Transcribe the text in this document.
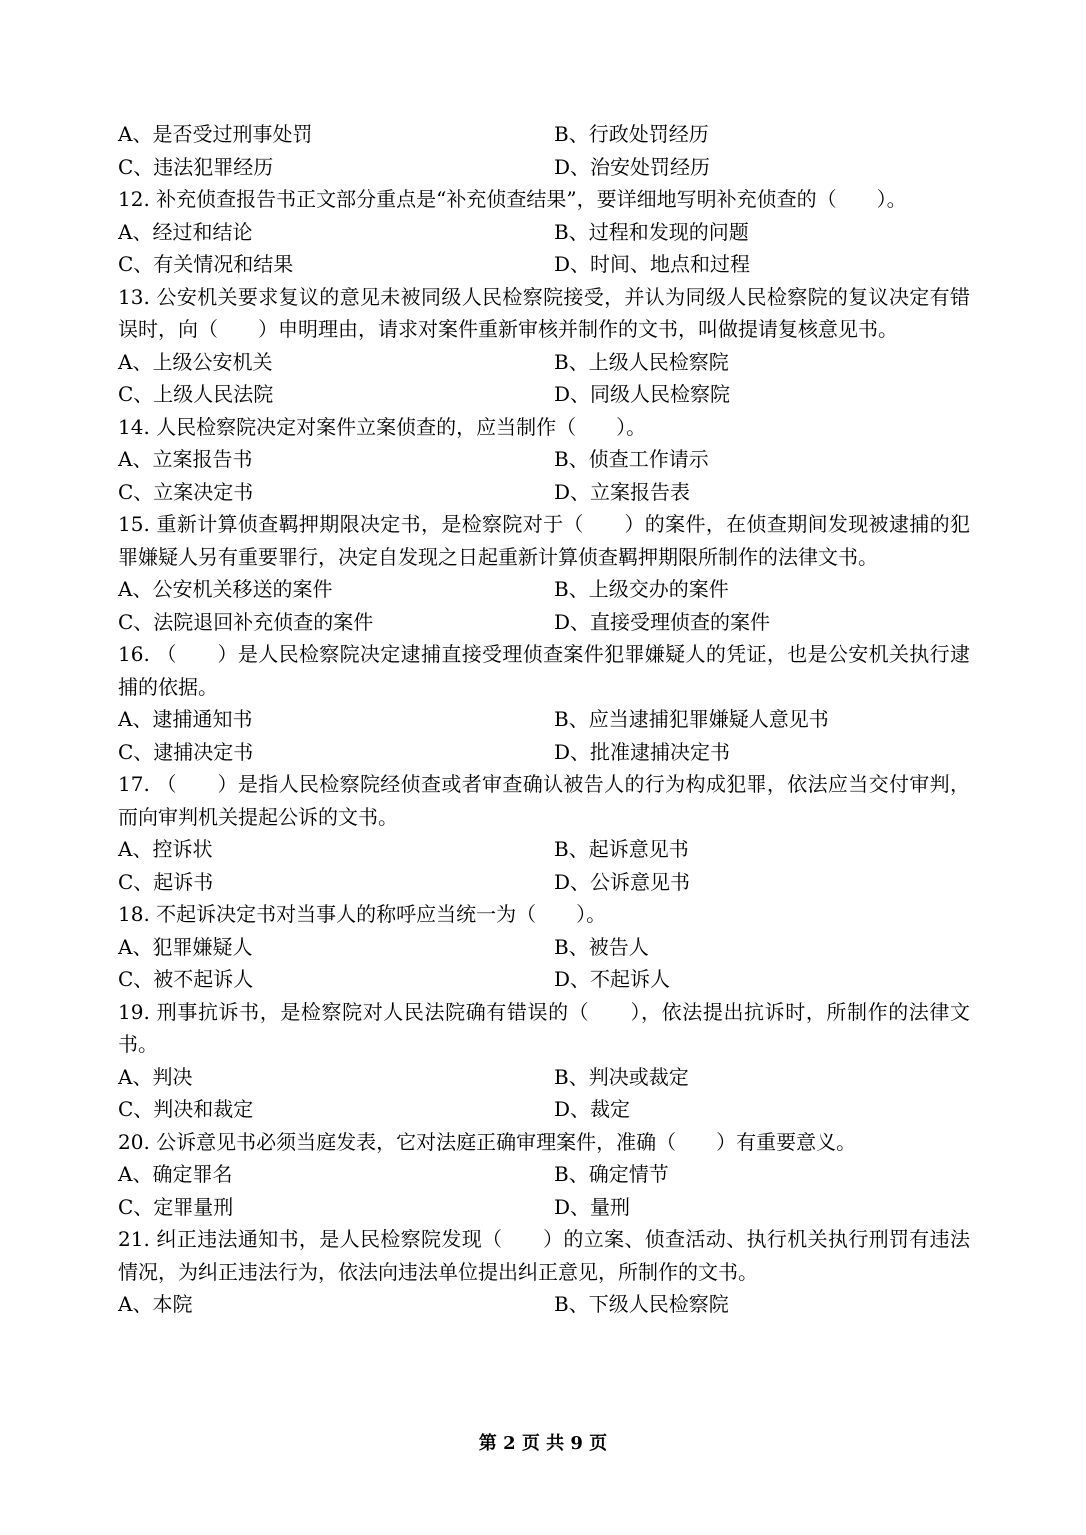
A、是否受过刑事处罚	B、行政处罚经历
C、违法犯罪经历	D、治安处罚经历

12. 补充侦查报告书正文部分重点是“补充侦查结果”，要详细地写明补充侦查的（　　）。

A、经过和结论	B、过程和发现的问题
C、有关情况和结果	D、时间、地点和过程

13. 公安机关要求复议的意见未被同级人民检察院接受，并认为同级人民检察院的复议决定有错误时，向（　　）申明理由，请求对案件重新审核并制作的文书，叫做提请复核意见书。

A、上级公安机关	B、上级人民检察院
C、上级人民法院	D、同级人民检察院

14. 人民检察院决定对案件立案侦查的，应当制作（　　）。

A、立案报告书	B、侦查工作请示
C、立案决定书	D、立案报告表

15. 重新计算侦查羁押期限决定书，是检察院对于（　　）的案件，在侦查期间发现被逮捕的犯罪嫌疑人另有重要罪行，决定自发现之日起重新计算侦查羁押期限所制作的法律文书。

A、公安机关移送的案件	B、上级交办的案件
C、法院退回补充侦查的案件	D、直接受理侦查的案件

16. （　　）是人民检察院决定逮捕直接受理侦查案件犯罪嫌疑人的凭证，也是公安机关执行逮捕的依据。

A、逮捕通知书	B、应当逮捕犯罪嫌疑人意见书
C、逮捕决定书	D、批准逮捕决定书

17. （　　）是指人民检察院经侦查或者审查确认被告人的行为构成犯罪，依法应当交付审判，而向审判机关提起公诉的文书。

A、控诉状	B、起诉意见书
C、起诉书	D、公诉意见书

18. 不起诉决定书对当事人的称呼应当统一为（　　）。

A、犯罪嫌疑人	B、被告人
C、被不起诉人	D、不起诉人

19. 刑事抗诉书，是检察院对人民法院确有错误的（　　），依法提出抗诉时，所制作的法律文书。

A、判决	B、判决或裁定
C、判决和裁定	D、裁定

20. 公诉意见书必须当庭发表，它对法庭正确审理案件，准确（　　）有重要意义。

A、确定罪名	B、确定情节
C、定罪量刑	D、量刑

21. 纠正违法通知书，是人民检察院发现（　　）的立案、侦查活动、执行机关执行刑罚有违法情况，为纠正违法行为，依法向违法单位提出纠正意见，所制作的文书。

A、本院	B、下级人民检察院
第 2 页 共 9 页
